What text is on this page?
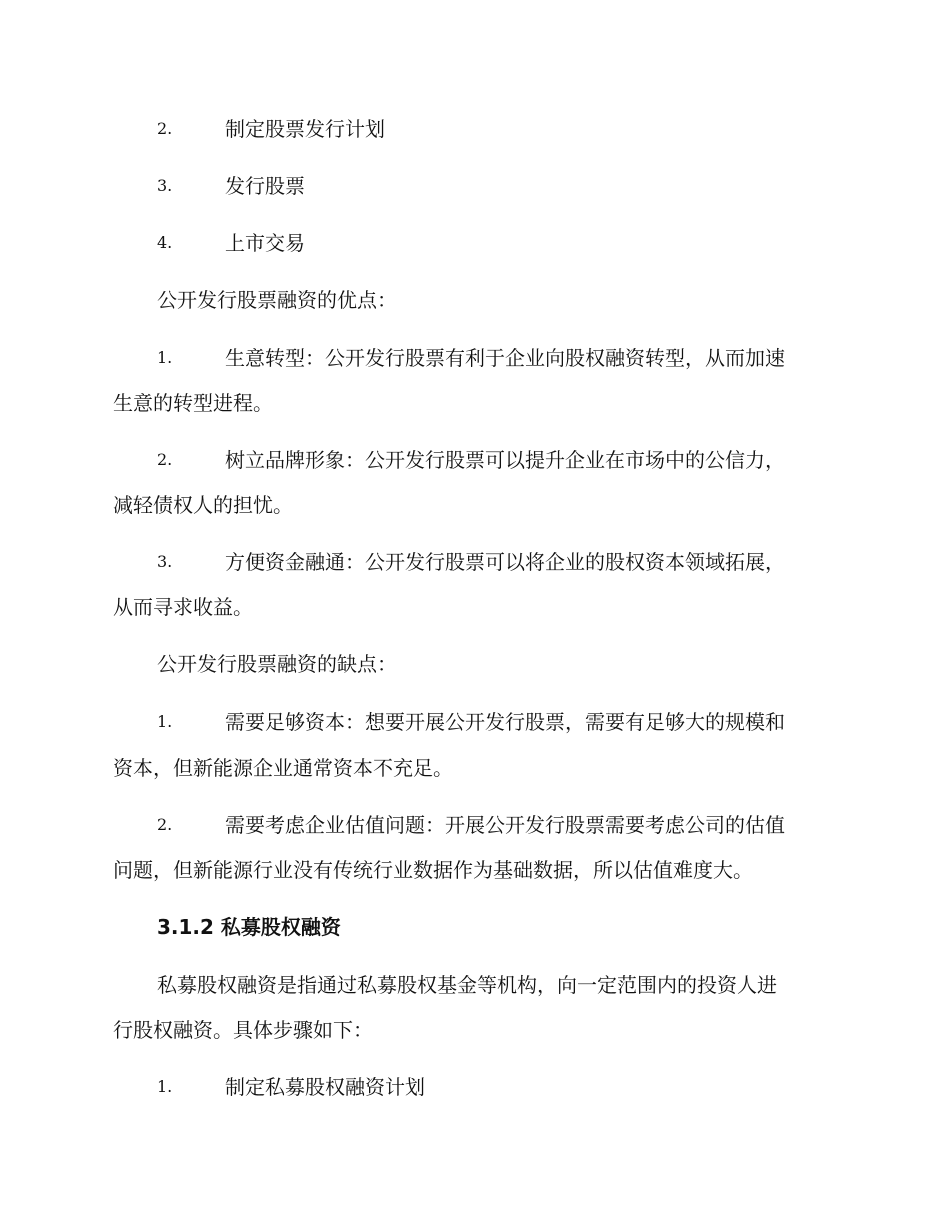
2.	制定股票发行计划
3.	发行股票
4.	上市交易
公开发行股票融资的优点：
1.	生意转型：公开发行股票有利于企业向股权融资转型，从而加速
生意的转型进程。
2.	树立品牌形象：公开发行股票可以提升企业在市场中的公信力，
减轻债权人的担忧。
3.	方便资金融通：公开发行股票可以将企业的股权资本领域拓展，
从而寻求收益。
公开发行股票融资的缺点：
1.	需要足够资本：想要开展公开发行股票，需要有足够大的规模和
资本，但新能源企业通常资本不充足。
2.	需要考虑企业估值问题：开展公开发行股票需要考虑公司的估值
问题，但新能源行业没有传统行业数据作为基础数据，所以估值难度大。
3.1.2 私募股权融资
私募股权融资是指通过私募股权基金等机构，向一定范围内的投资人进
行股权融资。具体步骤如下：
1.	制定私募股权融资计划
